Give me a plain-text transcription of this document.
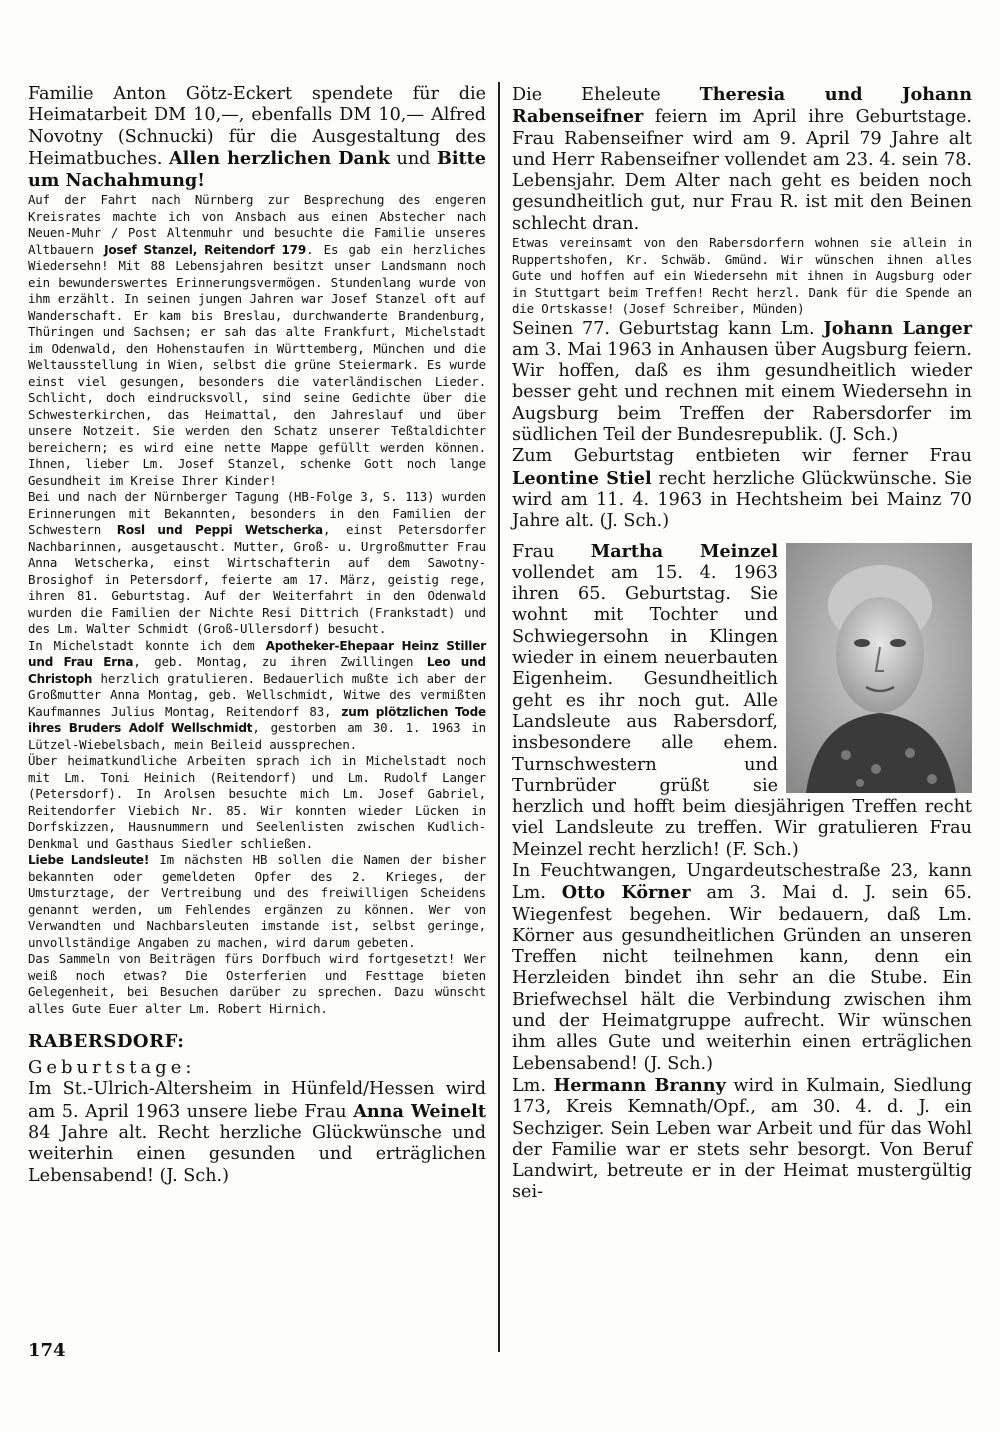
Familie Anton Götz-Eckert spendete für die Heimatarbeit DM 10,—, ebenfalls DM 10,— Alfred Novotny (Schnucki) für die Ausgestaltung des Heimatbuches. Allen herzlichen Dank und Bitte um Nachahmung!

Auf der Fahrt nach Nürnberg zur Besprechung des engeren Kreisrates machte ich von Ansbach aus einen Abstecher nach Neuen-Muhr / Post Altenmuhr und besuchte die Familie unseres Altbauern Josef Stanzel, Reitendorf 179. Es gab ein herzliches Wiedersehn! Mit 88 Lebensjahren besitzt unser Landsmann noch ein bewunderswertes Erinnerungsvermögen. Stundenlang wurde von ihm erzählt. In seinen jungen Jahren war Josef Stanzel oft auf Wanderschaft. Er kam bis Breslau, durchwanderte Brandenburg, Thüringen und Sachsen; er sah das alte Frankfurt, Michelstadt im Odenwald, den Hohenstaufen in Württemberg, München und die Weltausstellung in Wien, selbst die grüne Steiermark. Es wurde einst viel gesungen, besonders die vaterländischen Lieder. Schlicht, doch eindrucksvoll, sind seine Gedichte über die Schwesterkirchen, das Heimattal, den Jahreslauf und über unsere Notzeit. Sie werden den Schatz unserer Teßtaldichter bereichern; es wird eine nette Mappe gefüllt werden können. Ihnen, lieber Lm. Josef Stanzel, schenke Gott noch lange Gesundheit im Kreise Ihrer Kinder!

Bei und nach der Nürnberger Tagung (HB-Folge 3, S. 113) wurden Erinnerungen mit Bekannten, besonders in den Familien der Schwestern Rosl und Peppi Wetscherka, einst Petersdorfer Nachbarinnen, ausgetauscht. Mutter, Groß- u. Urgroßmutter Frau Anna Wetscherka, einst Wirtschafterin auf dem Sawotny-Brosighof in Petersdorf, feierte am 17. März, geistig rege, ihren 81. Geburtstag. Auf der Weiterfahrt in den Odenwald wurden die Familien der Nichte Resi Dittrich (Frankstadt) und des Lm. Walter Schmidt (Groß-Ullersdorf) besucht.

In Michelstadt konnte ich dem Apotheker-Ehepaar Heinz Stiller und Frau Erna, geb. Montag, zu ihren Zwillingen Leo und Christoph herzlich gratulieren. Bedauerlich mußte ich aber der Großmutter Anna Montag, geb. Wellschmidt, Witwe des vermißten Kaufmannes Julius Montag, Reitendorf 83, zum plötzlichen Tode ihres Bruders Adolf Wellschmidt, gestorben am 30. 1. 1963 in Lützel-Wiebelsbach, mein Beileid aussprechen.

Über heimatkundliche Arbeiten sprach ich in Michelstadt noch mit Lm. Toni Heinich (Reitendorf) und Lm. Rudolf Langer (Petersdorf). In Arolsen besuchte mich Lm. Josef Gabriel, Reitendorfer Viebich Nr. 85. Wir konnten wieder Lücken in Dorfskizzen, Hausnummern und Seelenlisten zwischen Kudlich-Denkmal und Gasthaus Siedler schließen.

Liebe Landsleute! Im nächsten HB sollen die Namen der bisher bekannten oder gemeldeten Opfer des 2. Krieges, der Umsturztage, der Vertreibung und des freiwilligen Scheidens genannt werden, um Fehlendes ergänzen zu können. Wer von Verwandten und Nachbarsleuten imstande ist, selbst geringe, unvollständige Angaben zu machen, wird darum gebeten.

Das Sammeln von Beiträgen fürs Dorfbuch wird fortgesetzt! Wer weiß noch etwas? Die Osterferien und Festtage bieten Gelegenheit, bei Besuchen darüber zu sprechen. Dazu wünscht alles Gute Euer alter Lm. Robert Hirnich.

RABERSDORF:
Geburtstage:

Im St.-Ulrich-Altersheim in Hünfeld/Hessen wird am 5. April 1963 unsere liebe Frau Anna Weinelt 84 Jahre alt. Recht herzliche Glückwünsche und weiterhin einen gesunden und erträglichen Lebensabend! (J. Sch.)

Die Eheleute Theresia und Johann Rabenseifner feiern im April ihre Geburtstage. Frau Rabenseifner wird am 9. April 79 Jahre alt und Herr Rabenseifner vollendet am 23. 4. sein 78. Lebensjahr. Dem Alter nach geht es beiden noch gesundheitlich gut, nur Frau R. ist mit den Beinen schlecht dran.

Etwas vereinsamt von den Rabersdorfern wohnen sie allein in Ruppertshofen, Kr. Schwäb. Gmünd. Wir wünschen ihnen alles Gute und hoffen auf ein Wiedersehn mit ihnen in Augsburg oder in Stuttgart beim Treffen! Recht herzl. Dank für die Spende an die Ortskasse! (Josef Schreiber, Münden)

Seinen 77. Geburtstag kann Lm. Johann Langer am 3. Mai 1963 in Anhausen über Augsburg feiern. Wir hoffen, daß es ihm gesundheitlich wieder besser geht und rechnen mit einem Wiedersehn in Augsburg beim Treffen der Rabersdorfer im südlichen Teil der Bundesrepublik. (J. Sch.)

Zum Geburtstag entbieten wir ferner Frau Leontine Stiel recht herzliche Glückwünsche. Sie wird am 11. 4. 1963 in Hechtsheim bei Mainz 70 Jahre alt. (J. Sch.)

Frau Martha Meinzel vollendet am 15. 4. 1963 ihren 65. Geburtstag. Sie wohnt mit Tochter und Schwiegersohn in Klingen wieder in einem neuerbauten Eigenheim. Gesundheitlich geht es ihr noch gut. Alle Landsleute aus Rabersdorf, insbesondere alle ehem. Turnschwestern und Turnbrüder grüßt sie herzlich und hofft beim diesjährigen Treffen recht viel Landsleute zu treffen. Wir gratulieren Frau Meinzel recht herzlich! (F. Sch.)

In Feuchtwangen, Ungardeutschestraße 23, kann Lm. Otto Körner am 3. Mai d. J. sein 65. Wiegenfest begehen. Wir bedauern, daß Lm. Körner aus gesundheitlichen Gründen an unseren Treffen nicht teilnehmen kann, denn ein Herzleiden bindet ihn sehr an die Stube. Ein Briefwechsel hält die Verbindung zwischen ihm und der Heimatgruppe aufrecht. Wir wünschen ihm alles Gute und weiterhin einen erträglichen Lebensabend! (J. Sch.)

Lm. Hermann Branny wird in Kulmain, Siedlung 173, Kreis Kemnath/Opf., am 30. 4. d. J. ein Sechziger. Sein Leben war Arbeit und für das Wohl der Familie war er stets sehr besorgt. Von Beruf Landwirt, betreute er in der Heimat mustergültig sei-

174
